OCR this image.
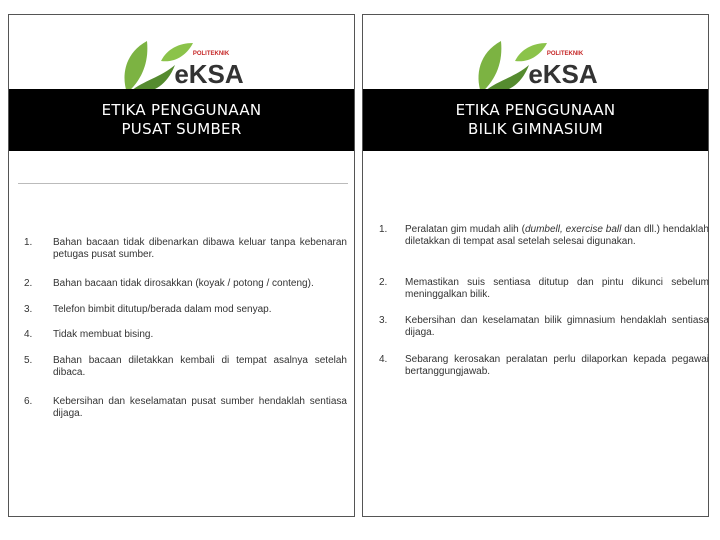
POLITEKNIK
eKSA
ETIKA PENGGUNAAN
PUSAT SUMBER
1. Bahan bacaan tidak dibenarkan dibawa keluar tanpa kebenaran petugas pusat sumber.
2. Bahan bacaan tidak dirosakkan (koyak / potong / conteng).
3. Telefon bimbit ditutup/berada dalam mod senyap.
4. Tidak membuat bising.
5. Bahan bacaan diletakkan kembali di tempat asalnya setelah dibaca.
6. Kebersihan dan keselamatan pusat sumber hendaklah sentiasa dijaga.
POLITEKNIK
eKSA
ETIKA PENGGUNAAN
BILIK GIMNASIUM
1. Peralatan gim mudah alih (dumbell, exercise ball dan dll.) hendaklah diletakkan di tempat asal setelah selesai digunakan.
2. Memastikan suis sentiasa ditutup dan pintu dikunci sebelum meninggalkan bilik.
3. Kebersihan dan keselamatan bilik gimnasium hendaklah sentiasa dijaga.
4. Sebarang kerosakan peralatan perlu dilaporkan kepada pegawai bertanggungjawab.
